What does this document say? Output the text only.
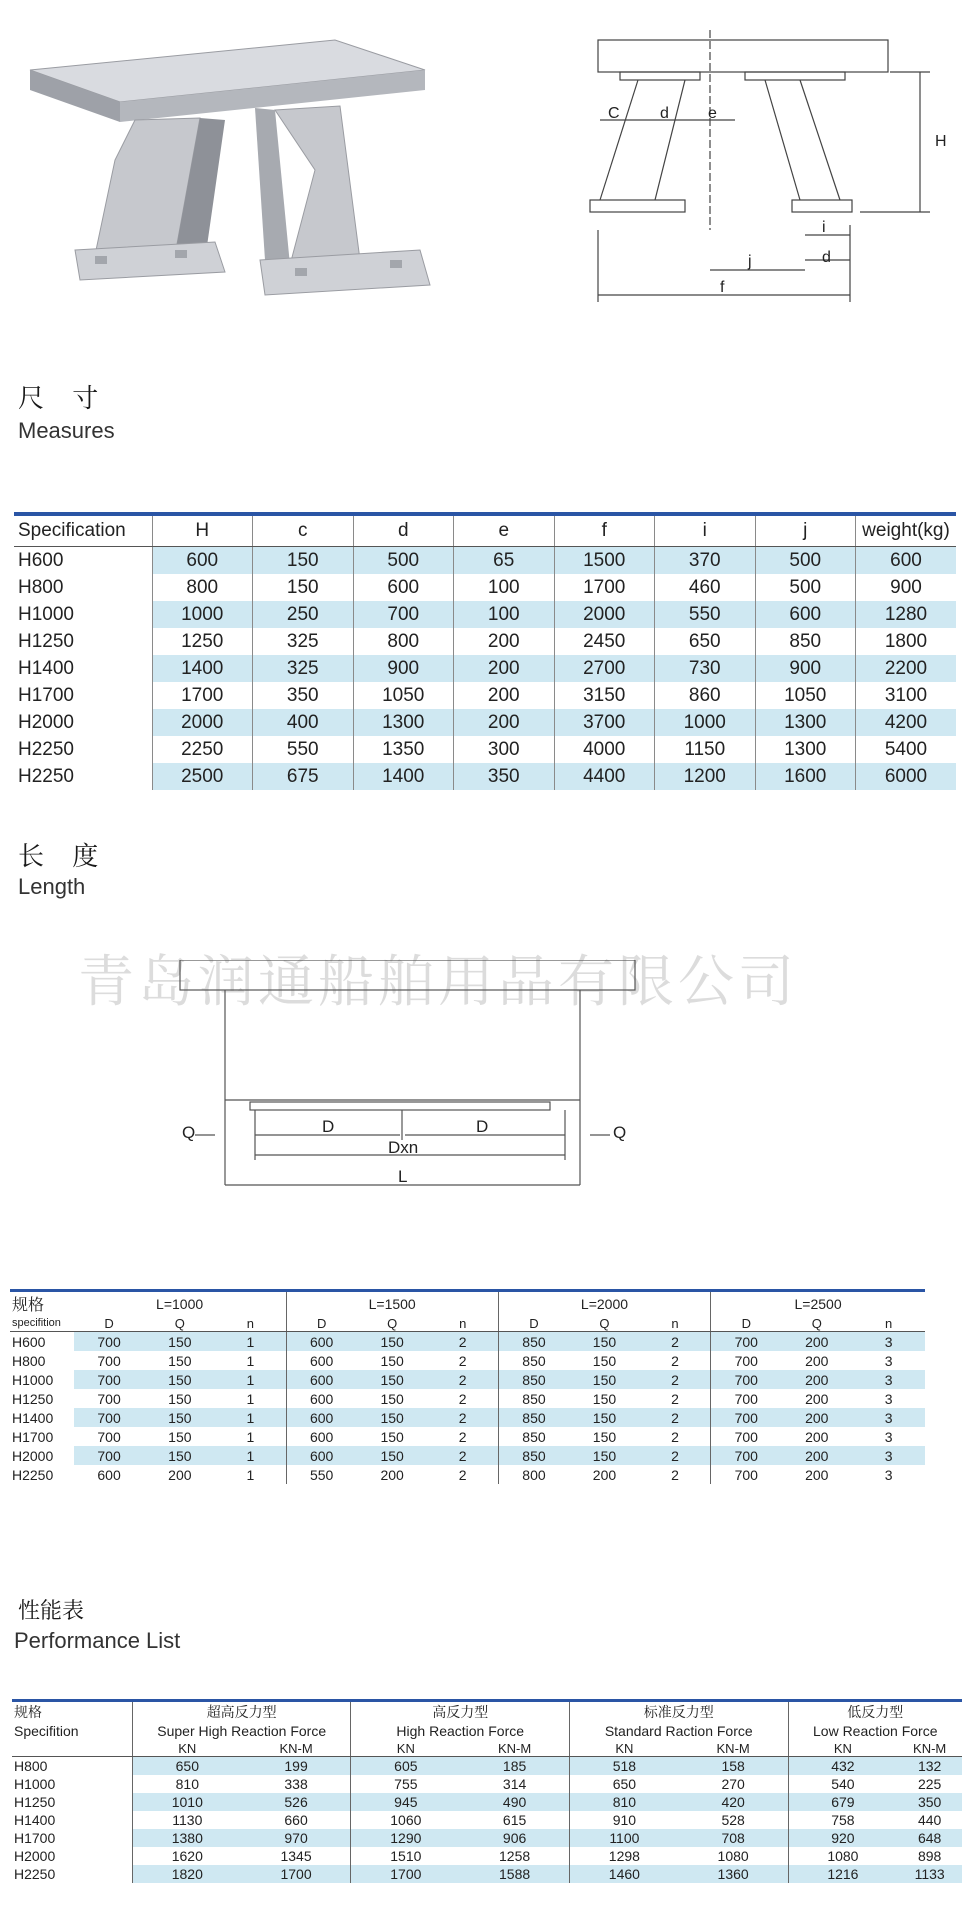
C	d e
H
i
j	d
f
尺 寸
Measures
Specification	H	c	d	e	f	i	j	weight(kg)
H600	600	150	500	65	1500	370	500	600
H800	800	150	600	100	1700	460	500	900
H1000	1000	250	700	100	2000	550	600	1280
H1250	1250	325	800	200	2450	650	850	1800
H1400	1400	325	900	200	2700	730	900	2200
H1700	1700	350	1050	200	3150	860	1050	3100
H2000	2000	400	1300	200	3700	1000	1300	4200
H2250	2250	550	1350	300	4000	1150	1300	5400
H2250	2500	675	1400	350	4400	1200	1600	6000
长 度
Length
青岛润通船舶用品有限公司
Q	Q
D	D
Dxn
L
规格	L=1000			L=1500			L=2000			L=2500		
specifition	D	Q	n	D	Q	n	D	Q	n	D	Q	n
H600	700	150	1	600	150	2	850	150	2	700	200	3
H800	700	150	1	600	150	2	850	150	2	700	200	3
H1000	700	150	1	600	150	2	850	150	2	700	200	3
H1250	700	150	1	600	150	2	850	150	2	700	200	3
H1400	700	150	1	600	150	2	850	150	2	700	200	3
H1700	700	150	1	600	150	2	850	150	2	700	200	3
H2000	700	150	1	600	150	2	850	150	2	700	200	3
H2250	600	200	1	550	200	2	800	200	2	700	200	3
性能表
Performance List
规格	超高反力型		高反力型		标准反力型		低反力型	
Specifition	Super High Reaction Force		High Reaction Force		Standard Raction Force		Low Reaction Force	
	KN	KN-M	KN	KN-M	KN	KN-M	KN	KN-M
H800	650	199	605	185	518	158	432	132
H1000	810	338	755	314	650	270	540	225
H1250	1010	526	945	490	810	420	679	350
H1400	1130	660	1060	615	910	528	758	440
H1700	1380	970	1290	906	1100	708	920	648
H2000	1620	1345	1510	1258	1298	1080	1080	898
H2250	1820	1700	1700	1588	1460	1360	1216	1133
